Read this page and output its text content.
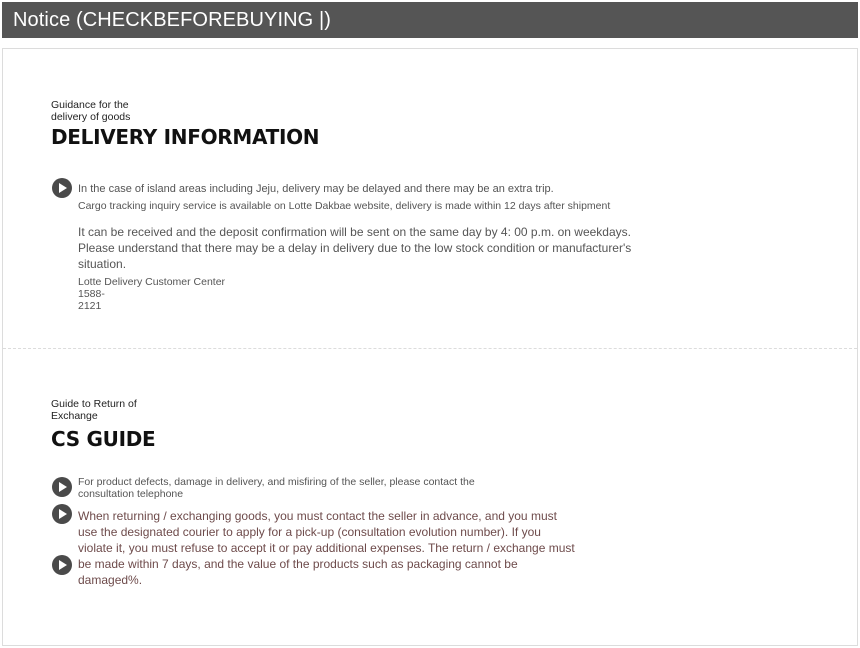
Notice (CHECKBEFOREBUYING |)
Guidance for the
delivery of goods
DELIVERY INFORMATION
In the case of island areas including Jeju, delivery may be delayed and there may be an extra trip.
Cargo tracking inquiry service is available on Lotte Dakbae website, delivery is made within 12 days after shipment
It can be received and the deposit confirmation will be sent on the same day by 4: 00 p.m. on weekdays. Please understand that there may be a delay in delivery due to the low stock condition or manufacturer's situation.
Lotte Delivery Customer Center 1588-
2121
Guide to Return of
Exchange
CS GUIDE
For product defects, damage in delivery, and misfiring of the seller, please contact the
consultation telephone
When returning / exchanging goods, you must contact the seller in advance, and you must use the designated courier to apply for a pick-up (consultation evolution number). If you violate it, you must refuse to accept it or pay additional expenses. The return / exchange must be made within 7 days, and the value of the products such as packaging cannot be damaged%.
